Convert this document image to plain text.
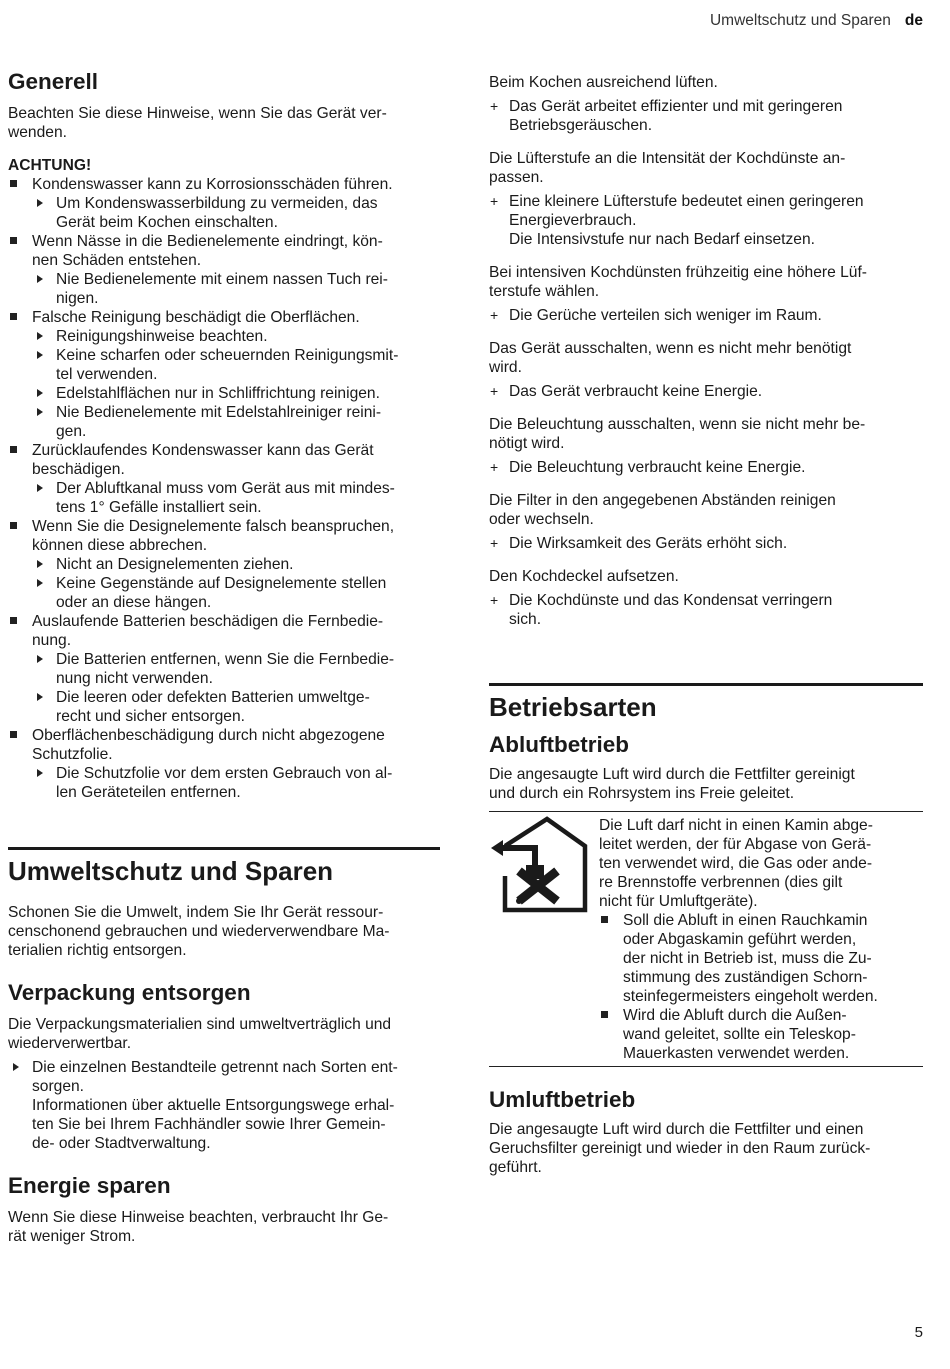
Umweltschutz und Sparen de
Generell

Beachten Sie diese Hinweise, wenn Sie das Gerät ver-
wenden.

ACHTUNG!

Kondenswasser kann zu Korrosionsschäden führen.
Um Kondenswasserbildung zu vermeiden, das
Gerät beim Kochen einschalten.
Wenn Nässe in die Bedienelemente eindringt, kön-
nen Schäden entstehen.
Nie Bedienelemente mit einem nassen Tuch rei-
nigen.
Falsche Reinigung beschädigt die Oberflächen.
Reinigungshinweise beachten.
Keine scharfen oder scheuernden Reinigungsmit-
tel verwenden.
Edelstahlflächen nur in Schliffrichtung reinigen.
Nie Bedienelemente mit Edelstahlreiniger reini-
gen.
Zurücklaufendes Kondenswasser kann das Gerät
beschädigen.
Der Abluftkanal muss vom Gerät aus mit mindes-
tens 1° Gefälle installiert sein.
Wenn Sie die Designelemente falsch beanspruchen,
können diese abbrechen.
Nicht an Designelementen ziehen.
Keine Gegenstände auf Designelemente stellen
oder an diese hängen.
Auslaufende Batterien beschädigen die Fernbedie-
nung.
Die Batterien entfernen, wenn Sie die Fernbedie-
nung nicht verwenden.
Die leeren oder defekten Batterien umweltge-
recht und sicher entsorgen.
Oberflächenbeschädigung durch nicht abgezogene
Schutzfolie.
Die Schutzfolie vor dem ersten Gebrauch von al-
len Geräteteilen entfernen.
Umweltschutz und Sparen

Schonen Sie die Umwelt, indem Sie Ihr Gerät ressour-
censchonend gebrauchen und wiederverwendbare Ma-
terialien richtig entsorgen.

Verpackung entsorgen

Die Verpackungsmaterialien sind umweltverträglich und
wiederverwertbar.

Die einzelnen Bestandteile getrennt nach Sorten ent-
sorgen.
Informationen über aktuelle Entsorgungswege erhal-
ten Sie bei Ihrem Fachhändler sowie Ihrer Gemein-
de- oder Stadtverwaltung.
Energie sparen

Wenn Sie diese Hinweise beachten, verbraucht Ihr Ge-
rät weniger Strom.

Beim Kochen ausreichend lüften.

+ Das Gerät arbeitet effizienter und mit geringeren
Betriebsgeräuschen.

Die Lüfterstufe an die Intensität der Kochdünste an-
passen.

+ Eine kleinere Lüfterstufe bedeutet einen geringeren
Energieverbrauch.
Die Intensivstufe nur nach Bedarf einsetzen.

Bei intensiven Kochdünsten frühzeitig eine höhere Lüf-
terstufe wählen.

+ Die Gerüche verteilen sich weniger im Raum.

Das Gerät ausschalten, wenn es nicht mehr benötigt
wird.

+ Das Gerät verbraucht keine Energie.

Die Beleuchtung ausschalten, wenn sie nicht mehr be-
nötigt wird.

+ Die Beleuchtung verbraucht keine Energie.

Die Filter in den angegebenen Abständen reinigen
oder wechseln.

+ Die Wirksamkeit des Geräts erhöht sich.

Den Kochdeckel aufsetzen.

+ Die Kochdünste und das Kondensat verringern
sich.
Betriebsarten
Abluftbetrieb

Die angesaugte Luft wird durch die Fettfilter gereinigt
und durch ein Rohrsystem ins Freie geleitet.

Die Luft darf nicht in einen Kamin abge-
leitet werden, der für Abgase von Gerä-
ten verwendet wird, die Gas oder ande-
re Brennstoffe verbrennen (dies gilt
nicht für Umluftgeräte).

Soll die Abluft in einen Rauchkamin
oder Abgaskamin geführt werden,
der nicht in Betrieb ist, muss die Zu-
stimmung des zuständigen Schorn-
steinfegermeisters eingeholt werden.
Wird die Abluft durch die Außen-
wand geleitet, sollte ein Teleskop-
Mauerkasten verwendet werden.
Umluftbetrieb

Die angesaugte Luft wird durch die Fettfilter und einen
Geruchsfilter gereinigt und wieder in den Raum zurück-
geführt.

5
